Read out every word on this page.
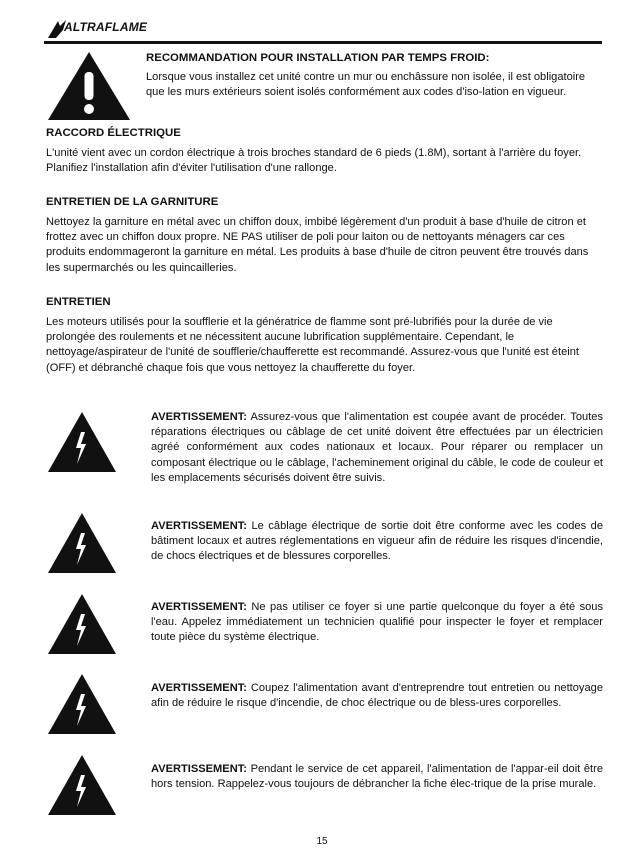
ALTRAFLAME
RECOMMANDATION POUR INSTALLATION PAR TEMPS FROID:
Lorsque vous installez cet unité contre un mur ou enchâssure non isolée, il est obligatoire que les murs extérieurs soient isolés conformément aux codes d'iso-lation en vigueur.
RACCORD ÉLECTRIQUE
L'unité vient avec un cordon électrique à trois broches standard de 6 pieds (1.8M), sortant à l'arrière du foyer. Planifiez l'installation afin d'éviter l'utilisation d'une rallonge.
ENTRETIEN DE LA GARNITURE
Nettoyez la garniture en métal avec un chiffon doux, imbibé légèrement d'un produit à base d'huile de citron et frottez avec un chiffon doux propre. NE PAS utiliser de poli pour laiton ou de nettoyants ménagers car ces produits endommageront la garniture en métal. Les produits à base d'huile de citron peuvent être trouvés dans les supermarchés ou les quincailleries.
ENTRETIEN
Les moteurs utilisés pour la soufflerie et la génératrice de flamme sont pré-lubrifiés pour la durée de vie prolongée des roulements et ne nécessitent aucune lubrification supplémentaire. Cependant, le nettoyage/aspirateur de l'unité de soufflerie/chaufferette est recommandé. Assurez-vous que l'unité est éteint (OFF) et débranché chaque fois que vous nettoyez la chaufferette du foyer.
AVERTISSEMENT: Assurez-vous que l'alimentation est coupée avant de procéder. Toutes réparations électriques ou câblage de cet unité doivent être effectuées par un électricien agréé conformément aux codes nationaux et locaux. Pour réparer ou remplacer un composant électrique ou le câblage, l'acheminement original du câble, le code de couleur et les emplacements sécurisés doivent être suivis.
AVERTISSEMENT: Le câblage électrique de sortie doit être conforme avec les codes de bâtiment locaux et autres réglementations en vigueur afin de réduire les risques d'incendie, de chocs électriques et de blessures corporelles.
AVERTISSEMENT: Ne pas utiliser ce foyer si une partie quelconque du foyer a été sous l'eau. Appelez immédiatement un technicien qualifié pour inspecter le foyer et remplacer toute pièce du système électrique.
AVERTISSEMENT: Coupez l'alimentation avant d'entreprendre tout entretien ou nettoyage afin de réduire le risque d'incendie, de choc électrique ou de bless-ures corporelles.
AVERTISSEMENT: Pendant le service de cet appareil, l'alimentation de l'appar-eil doit être hors tension. Rappelez-vous toujours de débrancher la fiche élec-trique de la prise murale.
15
